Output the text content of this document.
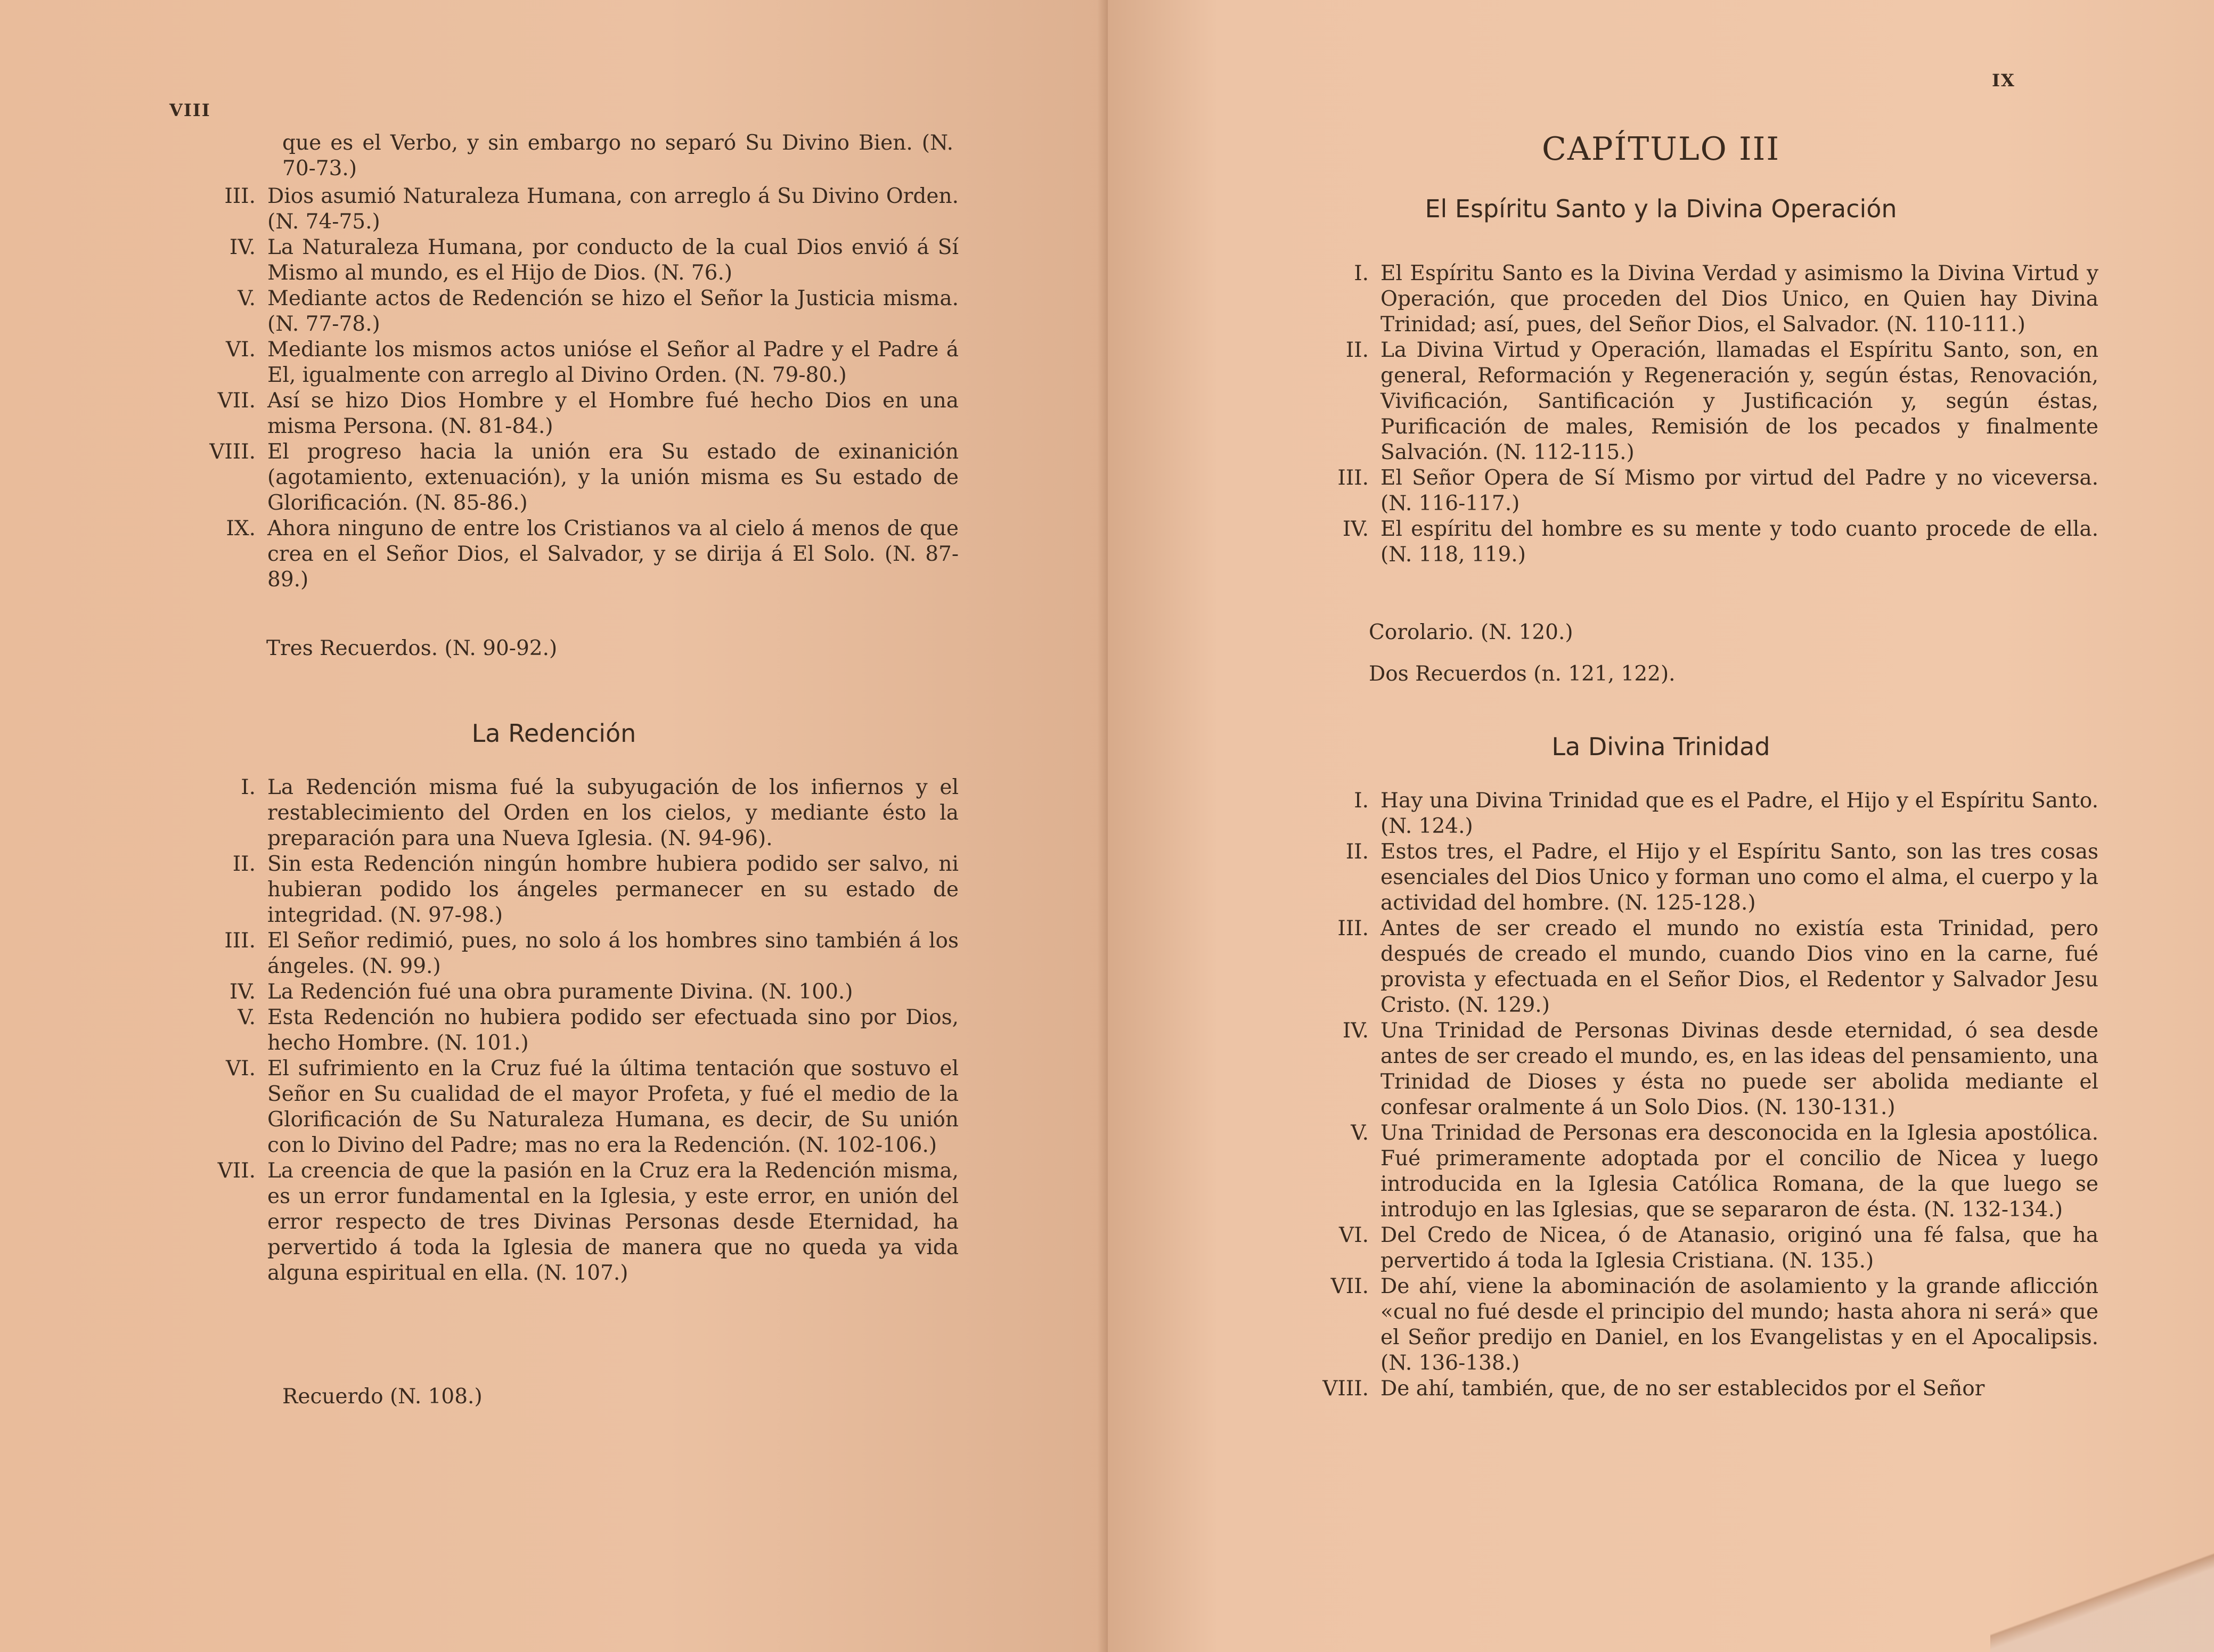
VIII
que es el Verbo, y sin embargo no separó Su Divino Bien. (N. 70-73.)
III. Dios asumió Naturaleza Humana, con arreglo á Su Divino Orden. (N. 74-75.)
IV. La Naturaleza Humana, por conducto de la cual Dios envió á Sí Mismo al mundo, es el Hijo de Dios. (N. 76.)
V. Mediante actos de Redención se hizo el Señor la Justicia misma. (N. 77-78.)
VI. Mediante los mismos actos unióse el Señor al Padre y el Padre á El, igualmente con arreglo al Divino Orden. (N. 79-80.)
VII. Así se hizo Dios Hombre y el Hombre fué hecho Dios en una misma Persona. (N. 81-84.)
VIII. El progreso hacia la unión era Su estado de exinanición (agotamiento, extenuación), y la unión misma es Su estado de Glorificación. (N. 85-86.)
IX. Ahora ninguno de entre los Cristianos va al cielo á menos de que crea en el Señor Dios, el Salvador, y se dirija á El Solo. (N. 87-89.)
Tres Recuerdos. (N. 90-92.)
La Redención
I. La Redención misma fué la subyugación de los infiernos y el restablecimiento del Orden en los cielos, y mediante ésto la preparación para una Nueva Iglesia. (N. 94-96).
II. Sin esta Redención ningún hombre hubiera podido ser salvo, ni hubieran podido los ángeles permanecer en su estado de integridad. (N. 97-98.)
III. El Señor redimió, pues, no solo á los hombres sino también á los ángeles. (N. 99.)
IV. La Redención fué una obra puramente Divina. (N. 100.)
V. Esta Redención no hubiera podido ser efectuada sino por Dios, hecho Hombre. (N. 101.)
VI. El sufrimiento en la Cruz fué la última tentación que sostuvo el Señor en Su cualidad de el mayor Profeta, y fué el medio de la Glorificación de Su Naturaleza Humana, es decir, de Su unión con lo Divino del Padre; mas no era la Redención. (N. 102-106.)
VII. La creencia de que la pasión en la Cruz era la Redención misma, es un error fundamental en la Iglesia, y este error, en unión del error respecto de tres Divinas Personas desde Eternidad, ha pervertido á toda la Iglesia de manera que no queda ya vida alguna espiritual en ella. (N. 107.)
Recuerdo (N. 108.)
IX
CAPÍTULO III
El Espíritu Santo y la Divina Operación
I. El Espíritu Santo es la Divina Verdad y asimismo la Divina Virtud y Operación, que proceden del Dios Unico, en Quien hay Divina Trinidad; así, pues, del Señor Dios, el Salvador. (N. 110-111.)
II. La Divina Virtud y Operación, llamadas el Espíritu Santo, son, en general, Reformación y Regeneración y, según éstas, Renovación, Vivificación, Santificación y Justificación y, según éstas, Purificación de males, Remisión de los pecados y finalmente Salvación. (N. 112-115.)
III. El Señor Opera de Sí Mismo por virtud del Padre y no viceversa. (N. 116-117.)
IV. El espíritu del hombre es su mente y todo cuanto procede de ella. (N. 118, 119.)
Corolario. (N. 120.)
Dos Recuerdos (n. 121, 122).
La Divina Trinidad
I. Hay una Divina Trinidad que es el Padre, el Hijo y el Espíritu Santo. (N. 124.)
II. Estos tres, el Padre, el Hijo y el Espíritu Santo, son las tres cosas esenciales del Dios Unico y forman uno como el alma, el cuerpo y la actividad del hombre. (N. 125-128.)
III. Antes de ser creado el mundo no existía esta Trinidad, pero después de creado el mundo, cuando Dios vino en la carne, fué provista y efectuada en el Señor Dios, el Redentor y Salvador Jesu Cristo. (N. 129.)
IV. Una Trinidad de Personas Divinas desde eternidad, ó sea desde antes de ser creado el mundo, es, en las ideas del pensamiento, una Trinidad de Dioses y ésta no puede ser abolida mediante el confesar oralmente á un Solo Dios. (N. 130-131.)
V. Una Trinidad de Personas era desconocida en la Iglesia apostólica. Fué primeramente adoptada por el concilio de Nicea y luego introducida en la Iglesia Católica Romana, de la que luego se introdujo en las Iglesias, que se separaron de ésta. (N. 132-134.)
VI. Del Credo de Nicea, ó de Atanasio, originó una fé falsa, que ha pervertido á toda la Iglesia Cristiana. (N. 135.)
VII. De ahí, viene la abominación de asolamiento y la grande aflicción «cual no fué desde el principio del mundo; hasta ahora ni será» que el Señor predijo en Daniel, en los Evangelistas y en el Apocalipsis. (N. 136-138.)
VIII. De ahí, también, que, de no ser establecidos por el Señor
